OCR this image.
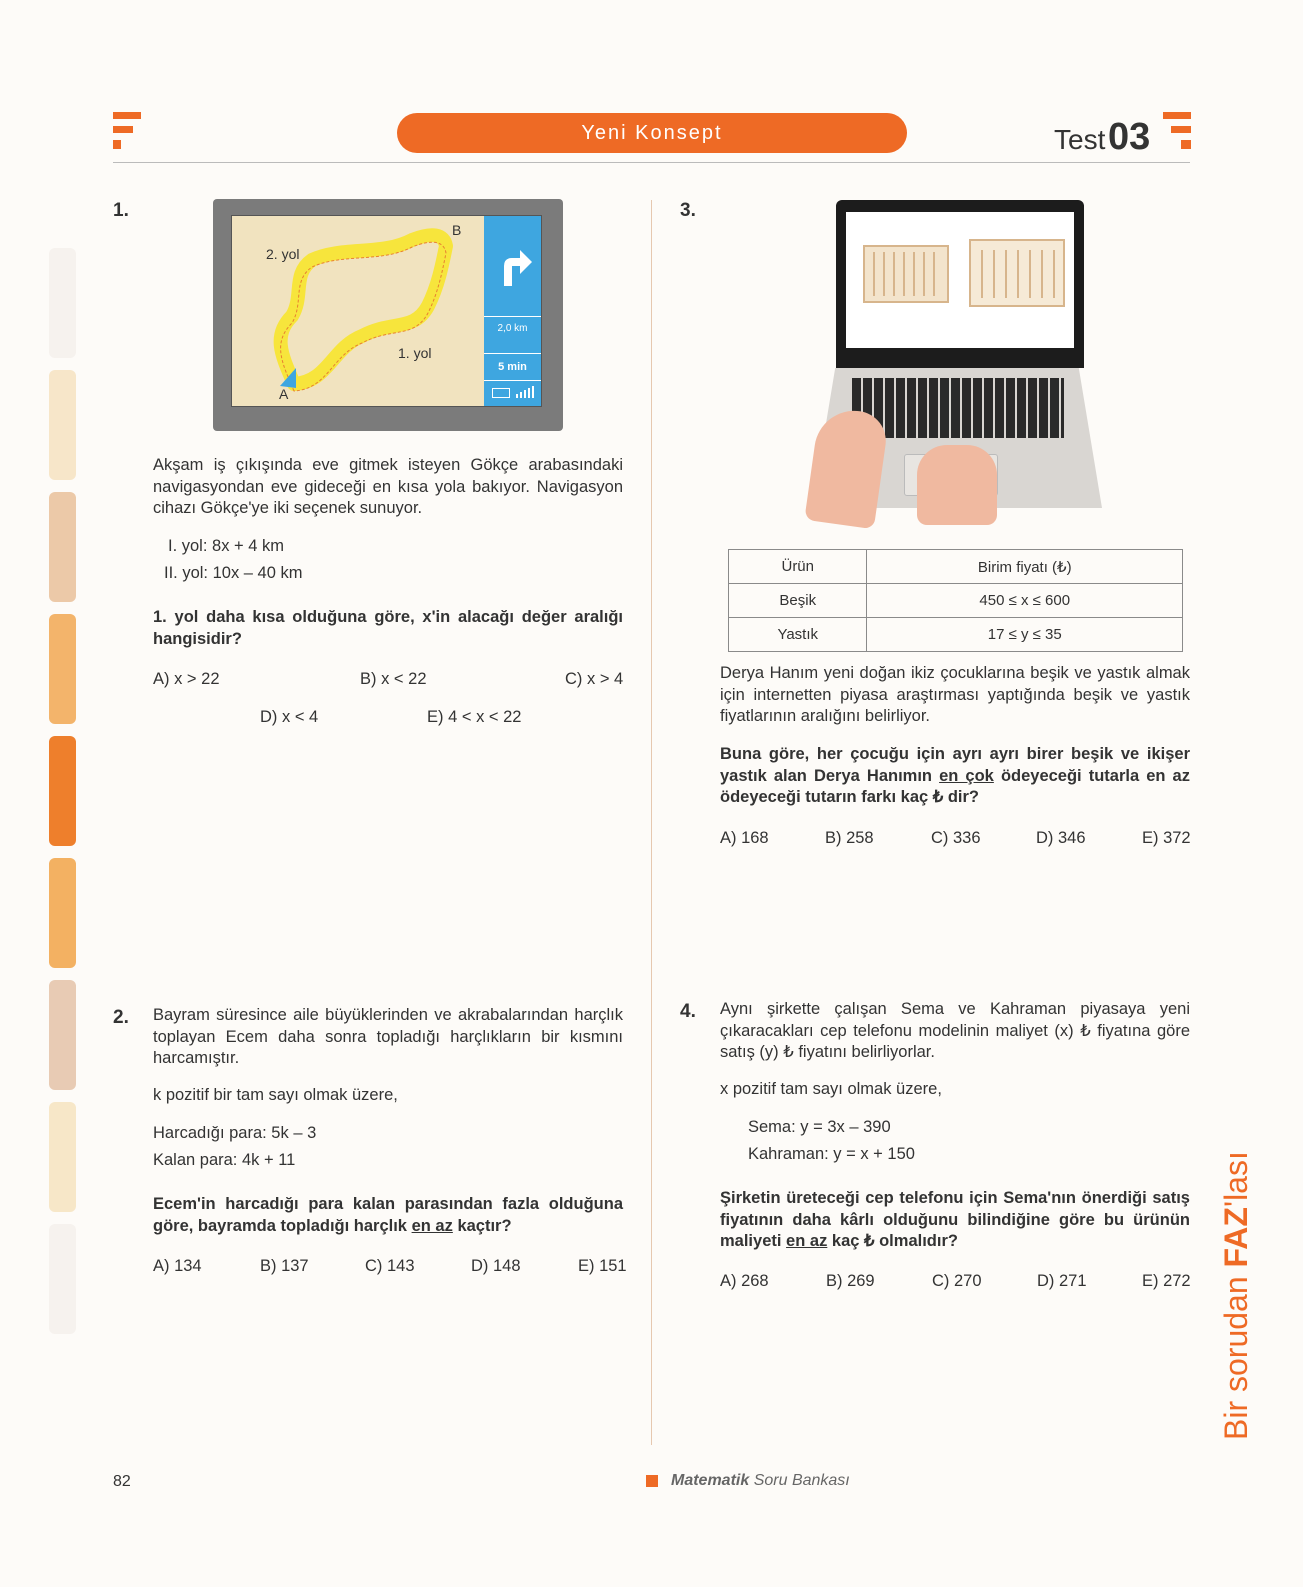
Yeni Konsept	Test 03
1.
B
A
2. yol
1. yol
2,0 km
5 min
Akşam iş çıkışında eve gitmek isteyen Gökçe arabasındaki navigasyondan eve gideceği en kısa yola bakıyor. Navigasyon cihazı Gökçe'ye iki seçenek sunuyor.
I. yol: 8x + 4 km
II. yol: 10x – 40 km
1. yol daha kısa olduğuna göre, x'in alacağı değer aralığı hangisidir?
A) x > 22	B) x < 22	C) x > 4
D) x < 4	E) 4 < x < 22
2. Bayram süresince aile büyüklerinden ve akrabalarından harçlık toplayan Ecem daha sonra topladığı harçlıkların bir kısmını harcamıştır.
k pozitif bir tam sayı olmak üzere,
Harcadığı para: 5k – 3
Kalan para: 4k + 11
Ecem'in harcadığı para kalan parasından fazla olduğuna göre, bayramda topladığı harçlık en az kaçtır?
A) 134	B) 137	C) 143	D) 148	E) 151
3.
Ürün	Birim fiyatı (₺)
Beşik	450 ≤ x ≤ 600
Yastık	17 ≤ y ≤ 35
Derya Hanım yeni doğan ikiz çocuklarına beşik ve yastık almak için internetten piyasa araştırması yaptığında beşik ve yastık fiyatlarının aralığını belirliyor.
Buna göre, her çocuğu için ayrı ayrı birer beşik ve ikişer yastık alan Derya Hanımın en çok ödeyeceği tutarla en az ödeyeceği tutarın farkı kaç ₺ dir?
A) 168	B) 258	C) 336	D) 346	E) 372
4. Aynı şirkette çalışan Sema ve Kahraman piyasaya yeni çıkaracakları cep telefonu modelinin maliyet (x) ₺ fiyatına göre satış (y) ₺ fiyatını belirliyorlar.
x pozitif tam sayı olmak üzere,
Sema: y = 3x – 390
Kahraman: y = x + 150
Şirketin üreteceği cep telefonu için Sema'nın önerdiği satış fiyatının daha kârlı olduğunu bilindiğine göre bu ürünün maliyeti en az kaç ₺ olmalıdır?
A) 268	B) 269	C) 270	D) 271	E) 272 Bir sorudan FAZ'lası
82	Matematik Soru Bankası
